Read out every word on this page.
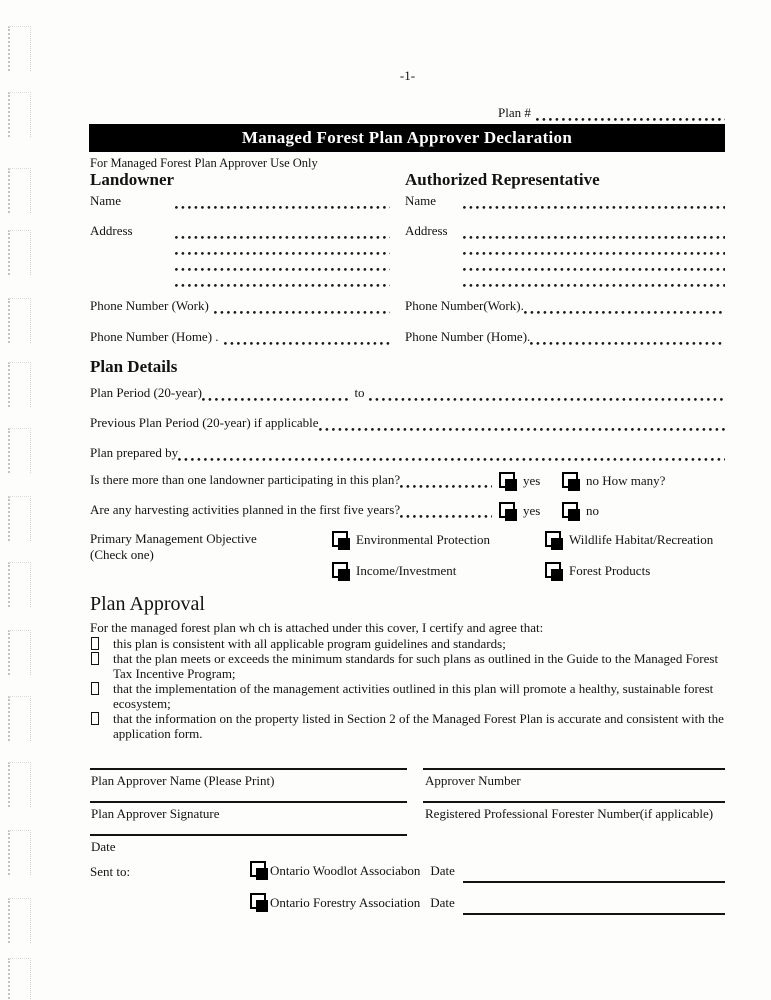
-1-
Plan #
Managed Forest Plan Approver Declaration
For Managed Forest Plan Approver Use Only
Landowner	Authorized Representative
Name	Name
Address	Address
Phone Number (Work)	Phone Number(Work).
Phone Number (Home) .	Phone Number (Home).
Plan Details
Plan Period (20-year)	to
Previous Plan Period (20-year) if applicable
Plan prepared by
Is there more than one landowner participating in this plan?	yes	no How many?
Are any harvesting activities planned in the first five years?	yes	no
Primary Management Objective
(Check one)
Environmental Protection	Wildlife Habitat/Recreation
Income/Investment	Forest Products
Plan Approval
For the managed forest plan wh ch is attached under this cover, I certify and agree that:
this plan is consistent with all applicable program guidelines and standards;
that the plan meets or exceeds the minimum standards for such plans as outlined in the Guide to the Managed Forest Tax Incentive Program;
that the implementation of the management activities outlined in this plan will promote a healthy, sustainable forest ecosystem;
that the information on the property listed in Section 2 of the Managed Forest Plan is accurate and consistent with the application form.
Plan Approver Name (Please Print)	Approver Number
Plan Approver Signature	Registered Professional Forester Number(if applicable)
Date
Sent to:	Ontario Woodlot Associabon Date
Ontario Forestry Association Date
